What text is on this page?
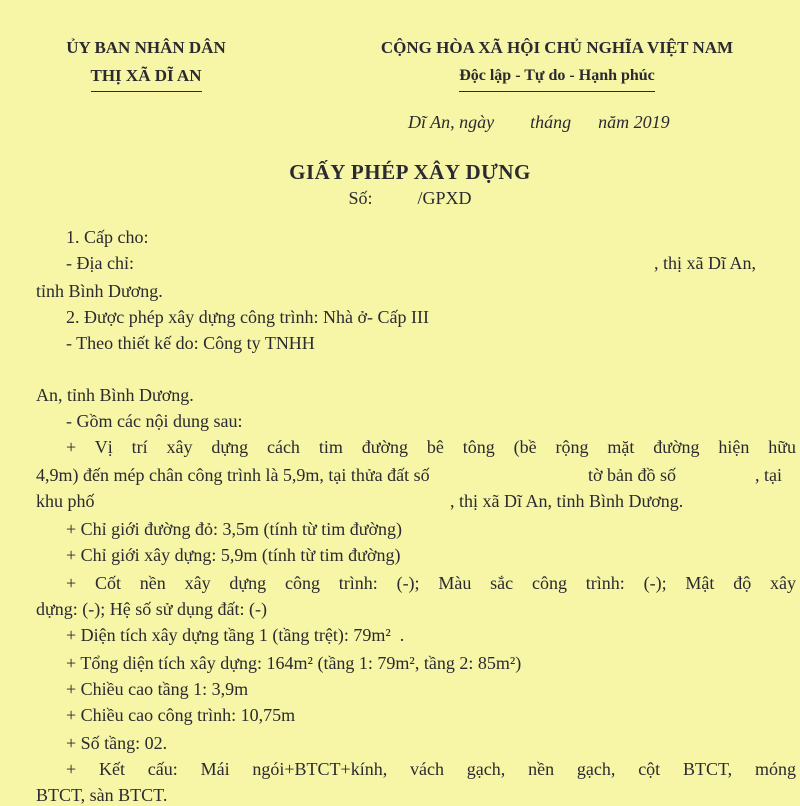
ỦY BAN NHÂN DÂN
THỊ XÃ DĨ AN
CỘNG HÒA XÃ HỘI CHỦ NGHĨA VIỆT NAM
Độc lập - Tự do - Hạnh phúc
Dĩ An, ngày        tháng      năm 2019
GIẤY PHÉP XÂY DỰNG
Số:          /GPXD
1. Cấp cho:
- Địa chỉ:	, thị xã Dĩ An,
tỉnh Bình Dương.
2. Được phép xây dựng công trình: Nhà ở- Cấp III
- Theo thiết kế do: Công ty TNHH
An, tỉnh Bình Dương.
- Gồm các nội dung sau:
+ Vị trí xây dựng cách tim đường bê tông (bề rộng mặt đường hiện hữu
4,9m) đến mép chân công trình là 5,9m, tại thửa đất số	tờ bản đồ số	, tại
khu phố	, thị xã Dĩ An, tỉnh Bình Dương.
+ Chỉ giới đường đỏ: 3,5m (tính từ tim đường)
+ Chỉ giới xây dựng: 5,9m (tính từ tim đường)
+ Cốt nền xây dựng công trình: (-); Màu sắc công trình: (-); Mật độ xây
dựng: (-); Hệ số sử dụng đất: (-)
+ Diện tích xây dựng tầng 1 (tầng trệt): 79m²  .
+ Tổng diện tích xây dựng: 164m² (tầng 1: 79m², tầng 2: 85m²)
+ Chiều cao tầng 1: 3,9m
+ Chiều cao công trình: 10,75m
+ Số tầng: 02.
+ Kết cấu: Mái ngói+BTCT+kính, vách gạch, nền gạch, cột BTCT, móng
BTCT, sàn BTCT.
